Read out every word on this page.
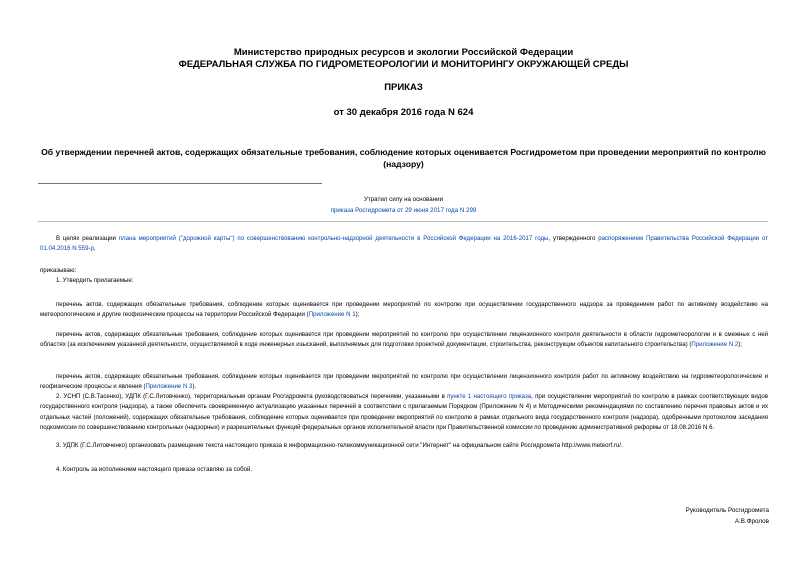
Министерство природных ресурсов и экологии Российской Федерации
ФЕДЕРАЛЬНАЯ СЛУЖБА ПО ГИДРОМЕТЕОРОЛОГИИ И МОНИТОРИНГУ ОКРУЖАЮЩЕЙ СРЕДЫ
ПРИКАЗ
от 30 декабря 2016 года N 624
Об утверждении перечней актов, содержащих обязательные требования, соблюдение которых оценивается Росгидрометом при проведении мероприятий по контролю (надзору)
Утратил силу на основании
приказа Росгидромета от 29 июня 2017 года N 299

В целях реализации плана мероприятий ("дорожной карты") по совершенствованию контрольно-надзорной деятельности в Российской Федерации на 2016-2017 годы, утвержденного распоряжением Правительства Российской Федерации от 01.04.2016 N 559-р,

приказываю:

1. Утвердить прилагаемые:

перечень актов, содержащих обязательные требования, соблюдение которых оценивается при проведении мероприятий по контролю при осуществлении государственного надзора за проведением работ по активному воздействию на метеорологические и другие геофизические процессы на территории Российской Федерации (Приложение N 1);

перечень актов, содержащих обязательные требования, соблюдение которых оценивается при проведении мероприятий по контролю при осуществлении лицензионного контроля деятельности в области гидрометеорологии и в смежных с ней областях (за исключением указанной деятельности, осуществляемой в ходе инженерных изысканий, выполняемых для подготовки проектной документации, строительства, реконструкции объектов капитального строительства) (Приложение N 2);

перечень актов, содержащих обязательные требования, соблюдение которых оценивается при проведении мероприятий по контролю при осуществлении лицензионного контроля работ по активному воздействию на гидрометеорологические и геофизические процессы и явления (Приложение N 3).

2. УСНП (С.В.Тасенко), УДПК (Г.С.Литовченко), территориальным органам Росгидромета руководствоваться перечнями, указанными в пункте 1 настоящего приказа, при осуществлении мероприятий по контролю в рамках соответствующих видов государственного контроля (надзора), а также обеспечить своевременную актуализацию указанных перечней в соответствии с прилагаемым Порядком (Приложение N 4) и Методическими рекомендациями по составлению перечня правовых актов и их отдельных частей (положений), содержащих обязательные требования, соблюдение которых оценивается при проведении мероприятий по контролю в рамках отдельного вида государственного контроля (надзора), одобренными протоколом заседания подкомиссии по совершенствованию контрольных (надзорных) и разрешительных функций федеральных органов исполнительной власти при Правительственной комиссии по проведению административной реформы от 18.08.2016 N 6.

3. УДПК (Г.С.Литовченко) организовать размещение текста настоящего приказа в информационно-телекоммуникационной сети "Интернет" на официальном сайте Росгидромета http://www.meteorf.ru/.

4. Контроль за исполнением настоящего приказа оставляю за собой.

Руководитель Росгидромета
А.В.Фролов
